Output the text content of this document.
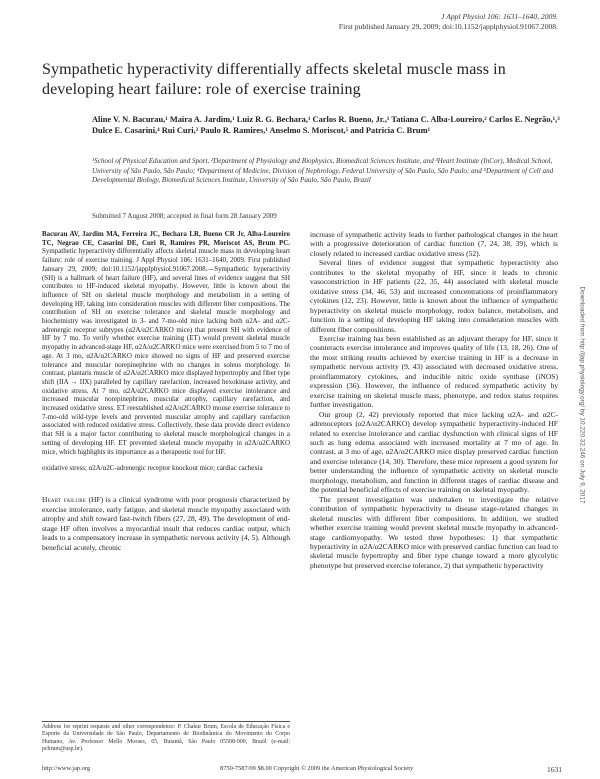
J Appl Physiol 106: 1631–1640, 2009.
First published January 29, 2009; doi:10.1152/japplphysiol.91067.2008.
Sympathetic hyperactivity differentially affects skeletal muscle mass in developing heart failure: role of exercise training
Aline V. N. Bacurau,¹ Maíra A. Jardim,¹ Luiz R. G. Bechara,¹ Carlos R. Bueno, Jr.,¹ Tatiana C. Alba-Loureiro,² Carlos E. Negrão,¹,³ Dulce E. Casarini,⁴ Rui Curi,² Paulo R. Ramires,¹ Anselmo S. Moriscot,⁵ and Patricia C. Brum¹
¹School of Physical Education and Sport, ²Department of Physiology and Biophysics, Biomedical Sciences Institute, and ³Heart Institute (InCor), Medical School, University of São Paulo, São Paulo; ⁴Department of Medicine, Division of Nephrology, Federal University of São Paulo, São Paulo; and ⁵Department of Cell and Developmental Biology, Biomedical Sciences Institute, University of São Paulo, São Paulo, Brazil
Submitted 7 August 2008; accepted in final form 28 January 2009
Bacurau AV, Jardim MA, Ferreira JC, Bechara LR, Bueno CR Jr, Alba-Loureiro TC, Negrao CE, Casarini DE, Curi R, Ramires PR, Moriscot AS, Brum PC. Sympathetic hyperactivity differentially affects skeletal muscle mass in developing heart failure: role of exercise training. J Appl Physiol 106: 1631–1640, 2009. First published January 29, 2009; doi:10.1152/japplphysiol.91067.2008.—Sympathetic hyperactivity (SH) is a hallmark of heart failure (HF), and several lines of evidence suggest that SH contributes to HF-induced skeletal myopathy. However, little is known about the influence of SH on skeletal muscle morphology and metabolism in a setting of developing HF, taking into consideration muscles with different fiber compositions. The contribution of SH on exercise tolerance and skeletal muscle morphology and biochemistry was investigated in 3- and 7-mo-old mice lacking both α2A- and α2C-adrenergic receptor subtypes (α2A/α2CARKO mice) that present SH with evidence of HF by 7 mo. To verify whether exercise training (ET) would prevent skeletal muscle myopathy in advanced-stage HF, α2A/α2CARKO mice were exercised from 5 to 7 mo of age. At 3 mo, α2A/α2CARKO mice showed no signs of HF and preserved exercise tolerance and muscular norepinephrine with no changes in soleus morphology. In contrast, plantaris muscle of α2A/α2CARKO mice displayed hypertrophy and fiber type shift (IIA → IIX) paralleled by capillary rarefaction, increased hexokinase activity, and oxidative stress. At 7 mo, α2A/α2CARKO mice displayed exercise intolerance and increased muscular norepinephrine, muscular atrophy, capillary rarefaction, and increased oxidative stress. ET reestablished α2A/α2CARKO mouse exercise tolerance to 7-mo-old wild-type levels and prevented muscular atrophy and capillary rarefaction associated with reduced oxidative stress. Collectively, these data provide direct evidence that SH is a major factor contributing to skeletal muscle morphological changes in a setting of developing HF. ET prevented skeletal muscle myopathy in α2A/α2CARKO mice, which highlights its importance as a therapeutic tool for HF.
oxidative stress; α2A/α2C-adrenergic receptor knockout mice; cardiac cachexia
Heart failure (HF) is a clinical syndrome with poor prognosis characterized by exercise intolerance, early fatigue, and skeletal muscle myopathy associated with atrophy and shift toward fast-twitch fibers (27, 28, 49). The development of end-stage HF often involves a myocardial insult that reduces cardiac output, which leads to a compensatory increase in sympathetic nervous activity (4, 5). Although beneficial acutely, chronic
Address for reprint requests and other correspondence: P. Chakur Brum, Escola de Educação Física e Esporte da Universidade de São Paulo, Departamento de Biodinâmica do Movimento do Corpo Humano, Av. Professor Mello Moraes, 65, Butantã, São Paulo 05508-900, Brazil (e-mail: pcbrum@usp.br).

increase of sympathetic activity leads to further pathological changes in the heart with a progressive deterioration of cardiac function (7, 24, 38, 39), which is closely related to increased cardiac oxidative stress (52).

Several lines of evidence suggest that sympathetic hyperactivity also contributes to the skeletal myopathy of HF, since it leads to chronic vasoconstriction in HF patients (22, 35, 44) associated with skeletal muscle oxidative stress (34, 46, 53) and increased concentrations of proinflammatory cytokines (12, 23). However, little is known about the influence of sympathetic hyperactivity on skeletal muscle morphology, redox balance, metabolism, and function in a setting of developing HF taking into consideration muscles with different fiber compositions.

Exercise training has been established as an adjuvant therapy for HF, since it counteracts exercise intolerance and improves quality of life (13, 18, 26). One of the most striking results achieved by exercise training in HF is a decrease in sympathetic nervous activity (9, 43) associated with decreased oxidative stress, proinflammatory cytokines, and inducible nitric oxide synthase (iNOS) expression (36). However, the influence of reduced sympathetic activity by exercise training on skeletal muscle mass, phenotype, and redox status requires further investigation.

Our group (2, 42) previously reported that mice lacking α2A- and α2C-adrenoceptors (α2A/α2CARKO) develop sympathetic hyperactivity-induced HF related to exercise intolerance and cardiac dysfunction with clinical signs of HF such as lung edema associated with increased mortality at 7 mo of age. In contrast, at 3 mo of age, α2A/α2CARKO mice display preserved cardiac function and exercise tolerance (14, 30). Therefore, these mice represent a good system for better understanding the influence of sympathetic activity on skeletal muscle morphology, metabolism, and function in different stages of cardiac disease and the potential beneficial effects of exercise training on skeletal myopathy.

The present investigation was undertaken to investigate the relative contribution of sympathetic hyperactivity to disease stage-related changes in skeletal muscles with different fiber compositions. In addition, we studied whether exercise training would prevent skeletal muscle myopathy in advanced-stage cardiomyopathy. We tested three hypotheses: 1) that sympathetic hyperactivity in α2A/α2CARKO mice with preserved cardiac function can lead to skeletal muscle hypertrophy and fiber type change toward a more glycolytic phenotype but preserved exercise tolerance, 2) that sympathetic hyperactivity

http://www.jap.org	8750-7587/09 $8.00 Copyright © 2009 the American Physiological Society	1631
Downloaded from http://jap.physiology.org/ by 10.220.32.246 on July 9, 2017
